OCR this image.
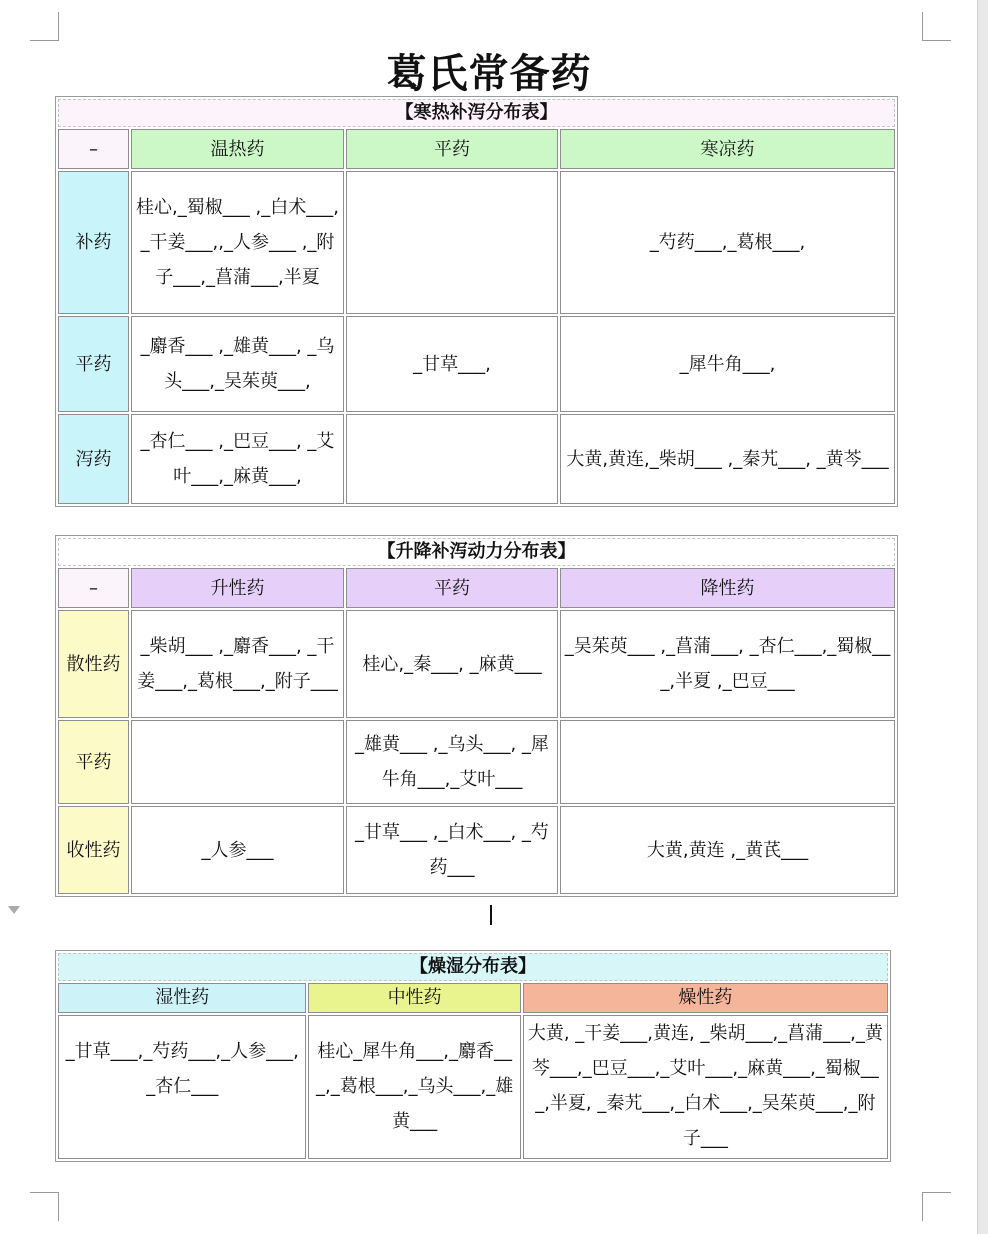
葛氏常备药
【寒热补泻分布表】			
–	温热药	平药	寒凉药
补药	桂心,_蜀椒___ ,_白术___,_干姜___,,_人参___ ,_附子___,_菖蒲___,半夏		_芍药___,_葛根___,
平药	_麝香___ ,_雄黄___, _乌头___,_吴茱萸___,	_甘草___,	_犀牛角___,
泻药	_杏仁___ ,_巴豆___, _艾叶___,_麻黄___,		大黄,黄连,_柴胡___ ,_秦艽___, _黄芩___
【升降补泻动力分布表】			
–	升性药	平药	降性药
散性药	_柴胡___ ,_麝香___, _干姜___,_葛根___,_附子___	桂心,_秦___, _麻黄___	_吴茱萸___ ,_菖蒲___, _杏仁___,_蜀椒___,半夏 ,_巴豆___
平药		_雄黄___ ,_乌头___, _犀牛角___,_艾叶___	
收性药	_人参___	_甘草___ ,_白术___, _芍药___	大黄,黄连 ,_黄芪___
【燥湿分布表】		
湿性药	中性药	燥性药
_甘草___,_芍药___,_人参___,_杏仁___	桂心_犀牛角___,_麝香___,_葛根___,_乌头___,_雄黄___	大黄, _干姜___,黄连, _柴胡___,_菖蒲___,_黄芩___,_巴豆___,_艾叶___,_麻黄___,_蜀椒___,半夏, _秦艽___,_白术___,_吴茱萸___,_附子___
